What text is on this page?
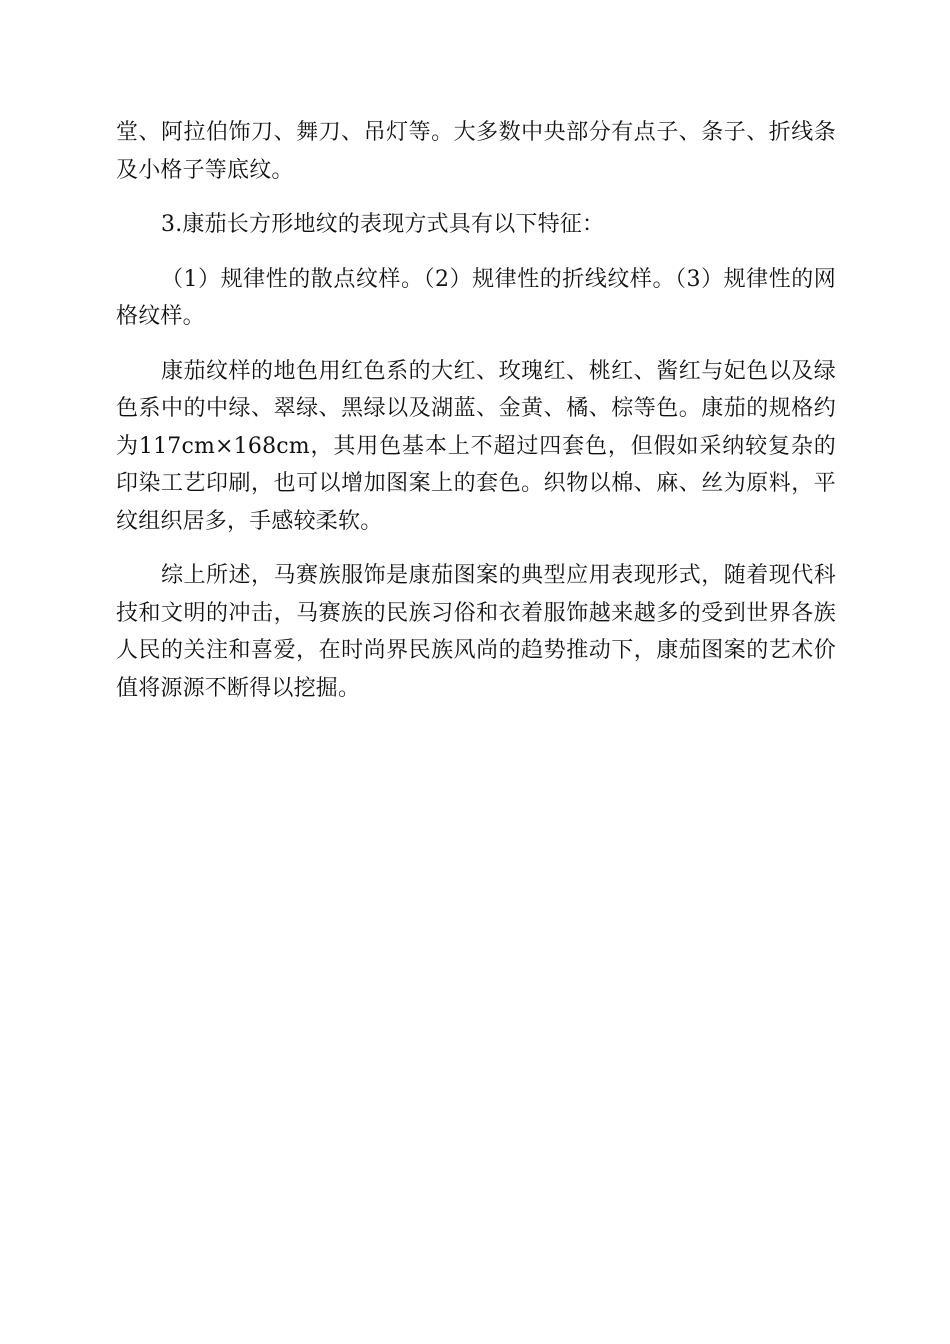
堂、阿拉伯饰刀、舞刀、吊灯等。大多数中央部分有点子、条子、折线条及小格子等底纹。

3.康茄长方形地纹的表现方式具有以下特征：

（1）规律性的散点纹样。（2）规律性的折线纹样。（3）规律性的网格纹样。

康茄纹样的地色用红色系的大红、玫瑰红、桃红、酱红与妃色以及绿色系中的中绿、翠绿、黑绿以及湖蓝、金黄、橘、棕等色。康茄的规格约为117cm×168cm，其用色基本上不超过四套色，但假如采纳较复杂的印染工艺印刷，也可以增加图案上的套色。织物以棉、麻、丝为原料，平纹组织居多，手感较柔软。

综上所述，马赛族服饰是康茄图案的典型应用表现形式，随着现代科技和文明的冲击，马赛族的民族习俗和衣着服饰越来越多的受到世界各族人民的关注和喜爱，在时尚界民族风尚的趋势推动下，康茄图案的艺术价值将源源不断得以挖掘。
